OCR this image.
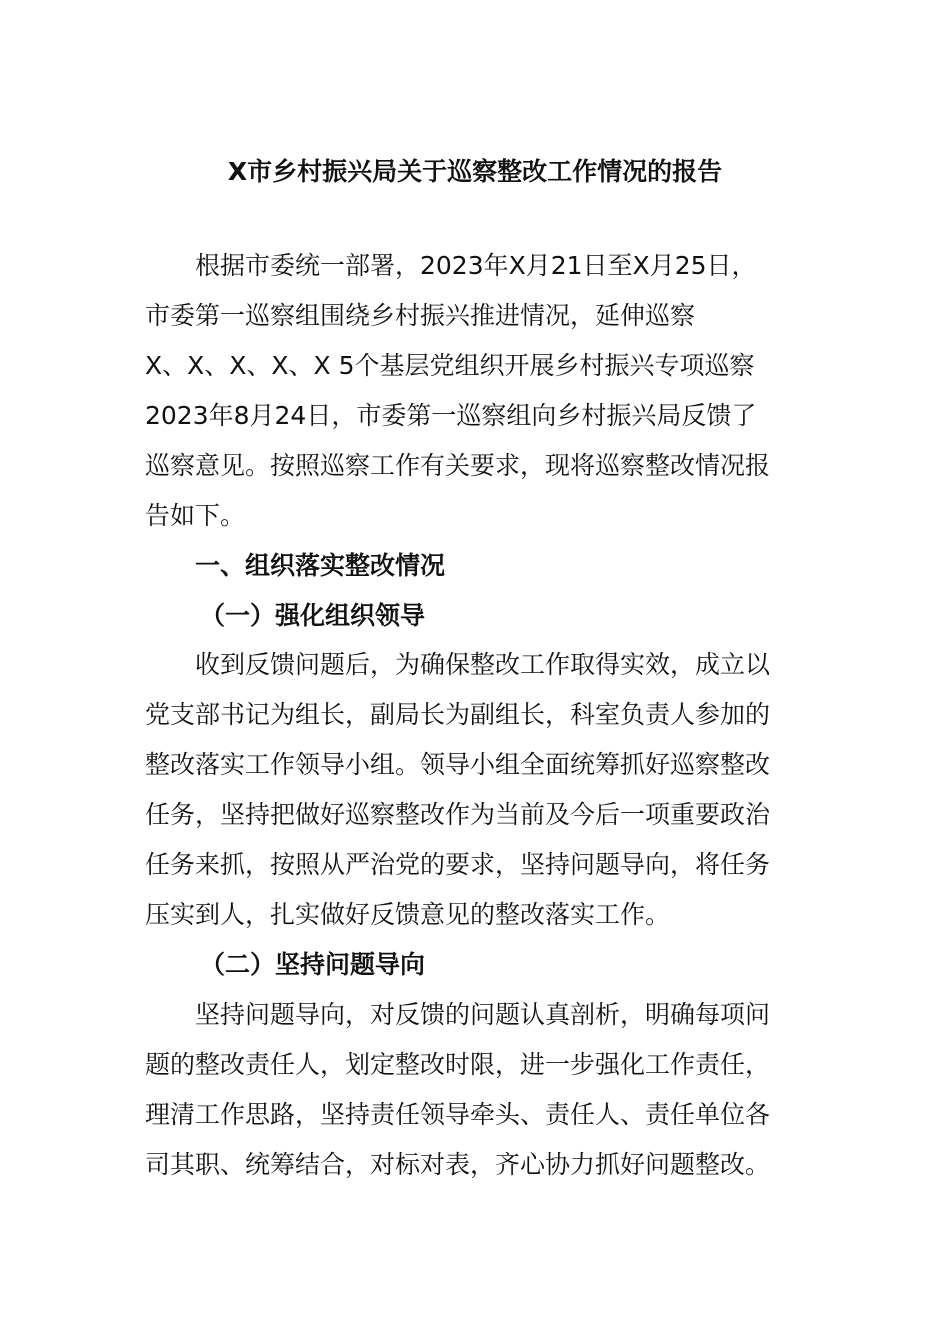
X市乡村振兴局关于巡察整改工作情况的报告

根据市委统一部署，2023年X月21日至X月25日，

市委第一巡察组围绕乡村振兴推进情况，延伸巡察

X、X、X、X、X 5个基层党组织开展乡村振兴专项巡察

2023年8月24日，市委第一巡察组向乡村振兴局反馈了

巡察意见。按照巡察工作有关要求，现将巡察整改情况报

告如下。

一、组织落实整改情况
（一）强化组织领导

收到反馈问题后，为确保整改工作取得实效，成立以

党支部书记为组长，副局长为副组长，科室负责人参加的

整改落实工作领导小组。领导小组全面统筹抓好巡察整改

任务，坚持把做好巡察整改作为当前及今后一项重要政治

任务来抓，按照从严治党的要求，坚持问题导向，将任务

压实到人，扎实做好反馈意见的整改落实工作。

（二）坚持问题导向

坚持问题导向，对反馈的问题认真剖析，明确每项问

题的整改责任人，划定整改时限，进一步强化工作责任，

理清工作思路，坚持责任领导牵头、责任人、责任单位各

司其职、统筹结合，对标对表，齐心协力抓好问题整改。
